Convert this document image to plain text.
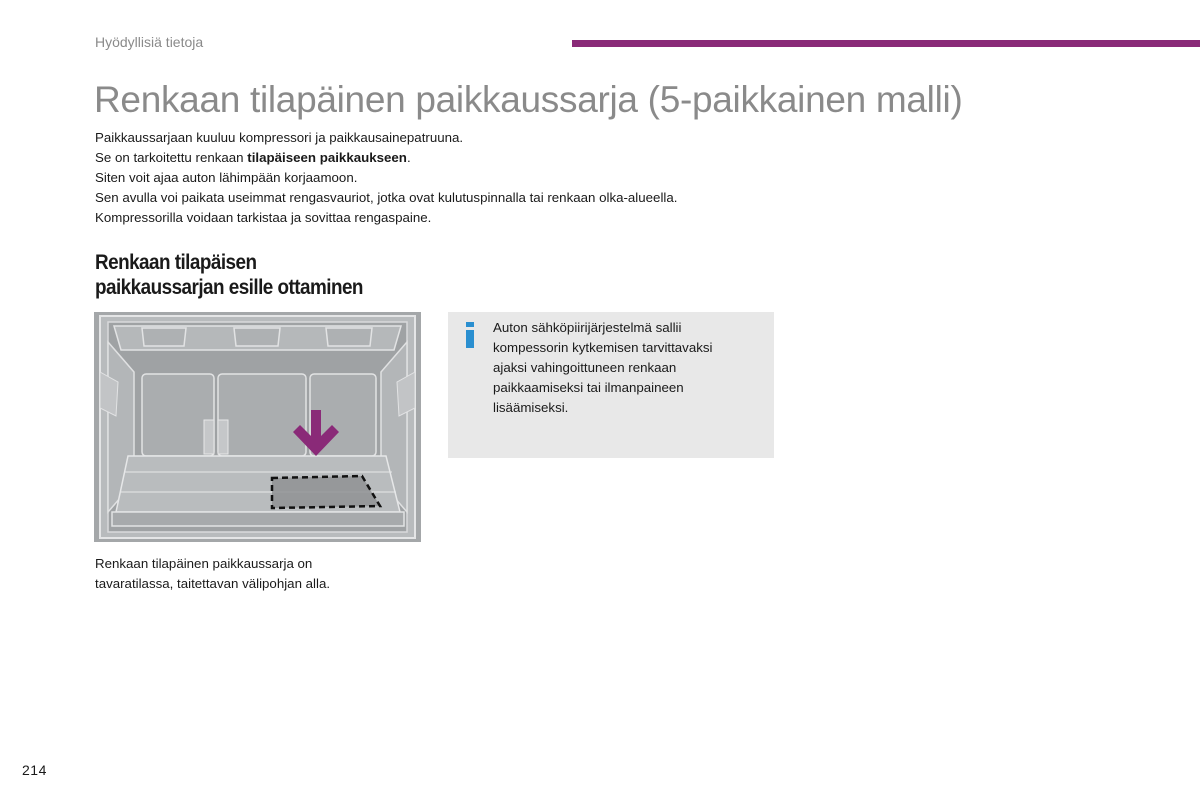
Hyödyllisiä tietoja
Renkaan tilapäinen paikkaussarja (5-paikkainen malli)

Paikkaussarjaan kuuluu kompressori ja paikkausainepatruuna.

Se on tarkoitettu renkaan tilapäiseen paikkaukseen.

Siten voit ajaa auton lähimpään korjaamoon.

Sen avulla voi paikata useimmat rengasvauriot, jotka ovat kulutuspinnalla tai renkaan olka-alueella.

Kompressorilla voidaan tarkistaa ja sovittaa rengaspaine.

Renkaan tilapäisen
paikkaussarjan esille ottaminen
Renkaan tilapäinen paikkaussarja on
tavaratilassa, taitettavan välipohjan alla.
Auton sähköpiirijärjestelmä sallii
kompessorin kytkemisen tarvittavaksi
ajaksi vahingoittuneen renkaan
paikkaamiseksi tai ilmanpaineen
lisäämiseksi.
214
